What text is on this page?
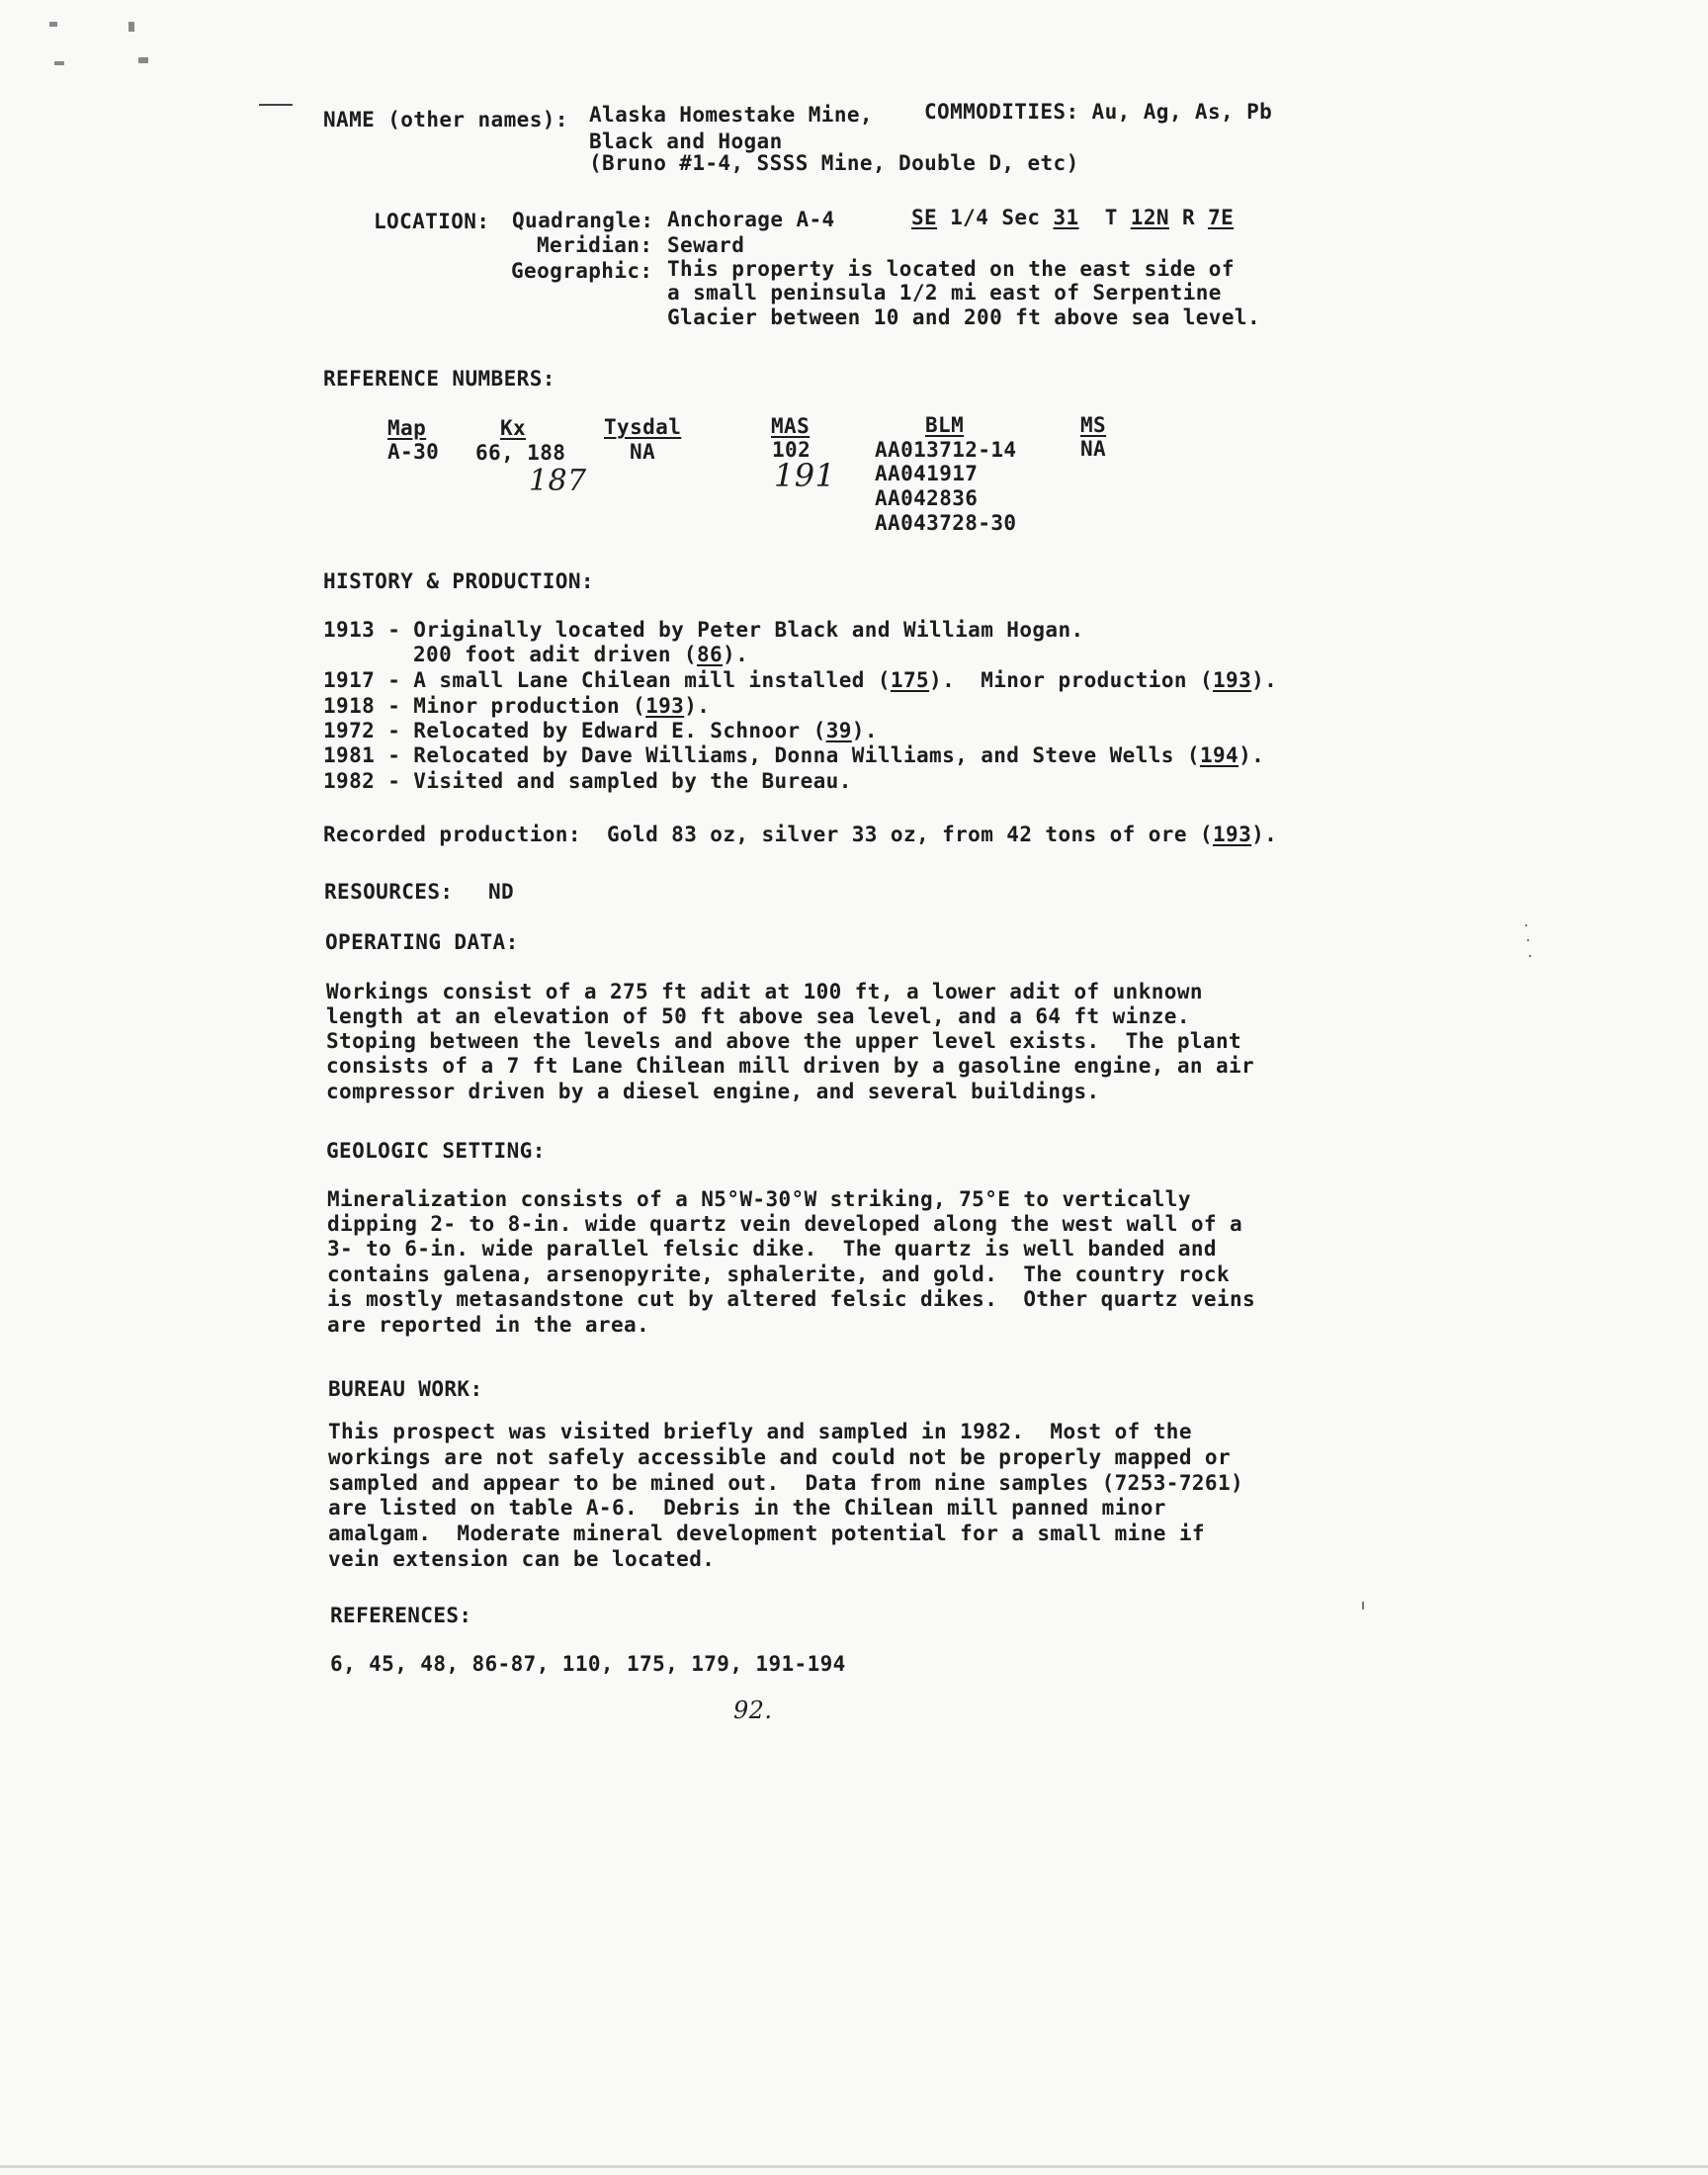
NAME (other names): Alaska Homestake Mine, COMMODITIES: Au, Ag, As, Pb
Black and Hogan
(Bruno #1-4, SSSS Mine, Double D, etc)
LOCATION: Quadrangle: Anchorage A-4	SE 1/4 Sec 31 T 12N R 7E
Meridian: Seward
Geographic: This property is located on the east side of
a small peninsula 1/2 mi east of Serpentine
Glacier between 10 and 200 ft above sea level.
REFERENCE NUMBERS:
Map
A-30
Kx
66, 188
187
Tysdal
NA
MAS
102
191
BLM
AA013712-14
AA041917
AA042836
AA043728-30
MS
NA
HISTORY & PRODUCTION:
1913 - Originally located by Peter Black and William Hogan.
200 foot adit driven (86).
1917 - A small Lane Chilean mill installed (175).  Minor production (193).
1918 - Minor production (193).
1972 - Relocated by Edward E. Schnoor (39).
1981 - Relocated by Dave Williams, Donna Williams, and Steve Wells (194).
1982 - Visited and sampled by the Bureau.
Recorded production:  Gold 83 oz, silver 33 oz, from 42 tons of ore (193).
RESOURCES: ND
OPERATING DATA:
Workings consist of a 275 ft adit at 100 ft, a lower adit of unknown
length at an elevation of 50 ft above sea level, and a 64 ft winze.
Stoping between the levels and above the upper level exists.  The plant
consists of a 7 ft Lane Chilean mill driven by a gasoline engine, an air
compressor driven by a diesel engine, and several buildings.
GEOLOGIC SETTING:
Mineralization consists of a N5°W-30°W striking, 75°E to vertically
dipping 2- to 8-in. wide quartz vein developed along the west wall of a
3- to 6-in. wide parallel felsic dike.  The quartz is well banded and
contains galena, arsenopyrite, sphalerite, and gold.  The country rock
is mostly metasandstone cut by altered felsic dikes.  Other quartz veins
are reported in the area.
BUREAU WORK:
This prospect was visited briefly and sampled in 1982.  Most of the
workings are not safely accessible and could not be properly mapped or
sampled and appear to be mined out.  Data from nine samples (7253-7261)
are listed on table A-6.  Debris in the Chilean mill panned minor
amalgam.  Moderate mineral development potential for a small mine if
vein extension can be located.
REFERENCES:
6, 45, 48, 86-87, 110, 175, 179, 191-194
92.
